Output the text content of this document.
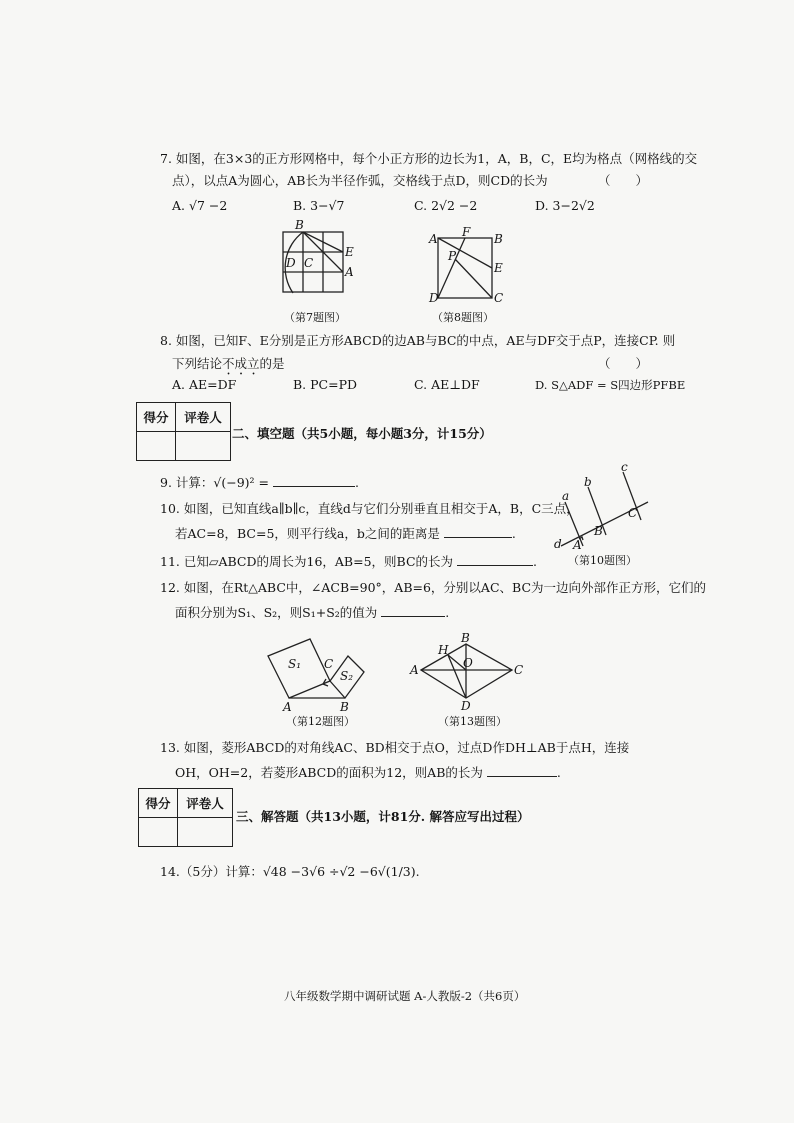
7. 如图，在3×3的正方形网格中，每个小正方形的边长为1，A，B，C，E均为格点（网格线的交
点），以点A为圆心，AB长为半径作弧，交格线于点D，则CD的长为	（　　）
A. √7 −2	B. 3−√7	C. 2√2 −2	D. 3−2√2
B
D C
E
A
（第7题图）
A F B
P
E
D	C
（第8题图）
8. 如图，已知F、E分别是正方形ABCD的边AB与BC的中点，AE与DF交于点P，连接CP. 则
下列结论不成立的是	（　　）
A. AE=DF	B. PC=PD	C. AE⊥DF	D. S△ADF = S四边形PFBE
得分	评卷人

二、填空题（共5小题，每小题3分，计15分）
9. 计算：√(−9)² =	.
10. 如图，已知直线a∥b∥c，直线d与它们分别垂直且相交于A，B，C三点，
若AC=8，BC=5，则平行线a，b之间的距离是	.
a
b
c
d A
B
C
（第10题图）
11. 已知▱ABCD的周长为16，AB=5，则BC的长为	.
12. 如图，在Rt△ABC中，∠ACB=90°，AB=6，分别以AC、BC为一边向外部作正方形，它们的
面积分别为S₁、S₂，则S₁+S₂的值为	.
S₁
S₂
C
A	B
（第12题图）
H
B
O
A	C
D
（第13题图）
13. 如图，菱形ABCD的对角线AC、BD相交于点O，过点D作DH⊥AB于点H，连接
OH，OH=2，若菱形ABCD的面积为12，则AB的长为	.
得分	评卷人

三、解答题（共13小题，计81分. 解答应写出过程）
14.（5分）计算：√48 −3√6 ÷√2 −6√(1/3).
八年级数学期中调研试题 A-人教版-2（共6页）
